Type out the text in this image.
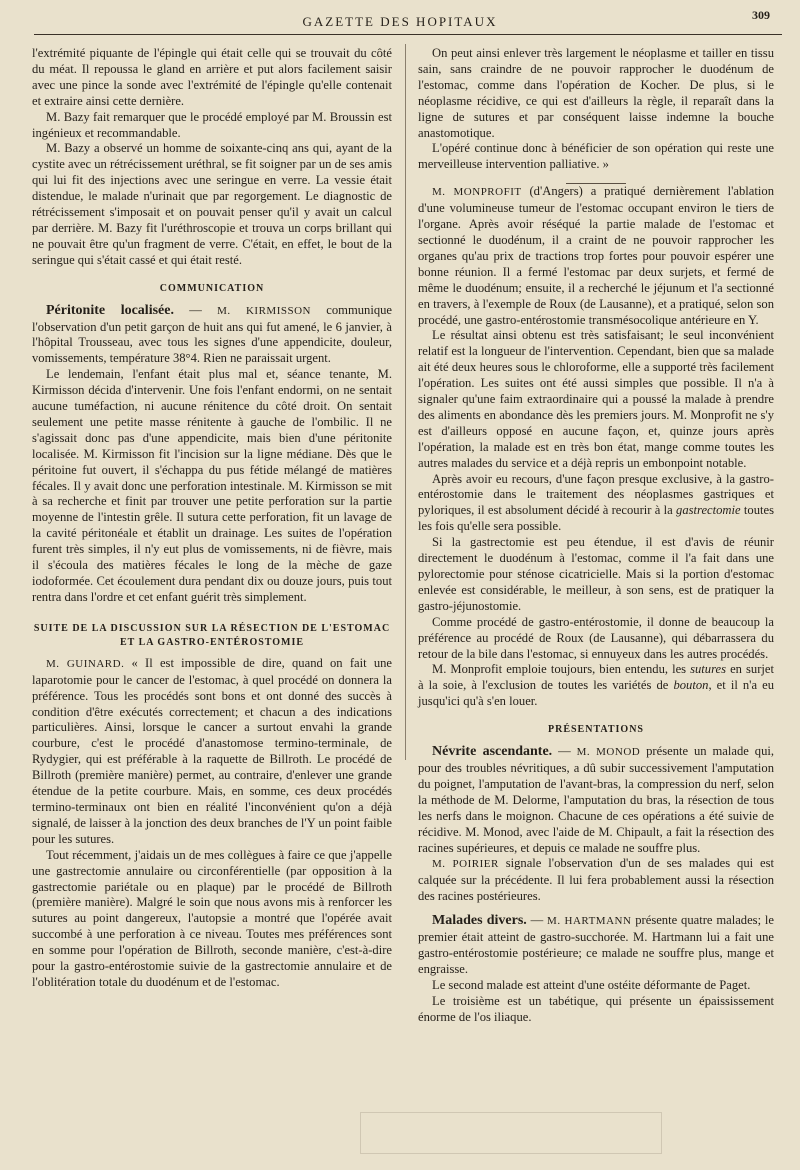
GAZETTE DES HOPITAUX	309

l'extrémité piquante de l'épingle qui était celle qui se trouvait du côté du méat. Il repoussa le gland en arrière et put alors facilement saisir avec une pince la sonde avec l'extrémité de l'épingle qu'elle contenait et extraire ainsi cette dernière.

M. Bazy fait remarquer que le procédé employé par M. Broussin est ingénieux et recommandable.

M. Bazy a observé un homme de soixante-cinq ans qui, ayant de la cystite avec un rétrécissement uréthral, se fit soigner par un de ses amis qui lui fit des injections avec une seringue en verre. La vessie était distendue, le malade n'urinait que par regorgement. Le diagnostic de rétrécissement s'imposait et on pouvait penser qu'il y avait un calcul par derrière. M. Bazy fit l'uréthroscopie et trouva un corps brillant qui ne pouvait être qu'un fragment de verre. C'était, en effet, le bout de la seringue qui s'était cassé et qui était resté.

COMMUNICATION

Péritonite localisée. — M. KIRMISSON communique l'observation d'un petit garçon de huit ans qui fut amené, le 6 janvier, à l'hôpital Trousseau, avec tous les signes d'une appendicite, douleur, vomissements, température 38°4. Rien ne paraissait urgent.

Le lendemain, l'enfant était plus mal et, séance tenante, M. Kirmisson décida d'intervenir. Une fois l'enfant endormi, on ne sentait aucune tuméfaction, ni aucune rénitence du côté droit. On sentait seulement une petite masse rénitente à gauche de l'ombilic. Il ne s'agissait donc pas d'une appendicite, mais bien d'une péritonite localisée. M. Kirmisson fit l'incision sur la ligne médiane. Dès que le péritoine fut ouvert, il s'échappa du pus fétide mélangé de matières fécales. Il y avait donc une perforation intestinale. M. Kirmisson se mit à sa recherche et finit par trouver une petite perforation sur la partie moyenne de l'intestin grêle. Il sutura cette perforation, fit un lavage de la cavité péritonéale et établit un drainage. Les suites de l'opération furent très simples, il n'y eut plus de vomissements, ni de fièvre, mais il s'écoula des matières fécales le long de la mèche de gaze iodoformée. Cet écoulement dura pendant dix ou douze jours, puis tout rentra dans l'ordre et cet enfant guérit très simplement.

SUITE DE LA DISCUSSION SUR LA RÉSECTION DE L'ESTOMAC
ET LA GASTRO-ENTÉROSTOMIE

M. GUINARD. « Il est impossible de dire, quand on fait une laparotomie pour le cancer de l'estomac, à quel procédé on donnera la préférence. Tous les procédés sont bons et ont donné des succès à condition d'être exécutés correctement; et chacun a des indications particulières. Ainsi, lorsque le cancer a surtout envahi la grande courbure, c'est le procédé d'anastomose termino-terminale, de Rydygier, qui est préférable à la raquette de Billroth. Le procédé de Billroth (première manière) permet, au contraire, d'enlever une grande étendue de la petite courbure. Mais, en somme, ces deux procédés termino-terminaux ont bien en réalité l'inconvénient qu'on a déjà signalé, de laisser à la jonction des deux branches de l'Y un point faible pour les sutures.

Tout récemment, j'aidais un de mes collègues à faire ce que j'appelle une gastrectomie annulaire ou circonférentielle (par opposition à la gastrectomie pariétale ou en plaque) par le procédé de Billroth (première manière). Malgré le soin que nous avons mis à renforcer les sutures au point dangereux, l'autopsie a montré que l'opérée avait succombé à une perforation à ce niveau. Toutes mes préférences sont en somme pour l'opération de Billroth, seconde manière, c'est-à-dire pour la gastro-entérostomie suivie de la gastrectomie annulaire et de l'oblitération totale du duodénum et de l'estomac.

On peut ainsi enlever très largement le néoplasme et tailler en tissu sain, sans craindre de ne pouvoir rapprocher le duodénum de l'estomac, comme dans l'opération de Kocher. De plus, si le néoplasme récidive, ce qui est d'ailleurs la règle, il reparaît dans la ligne de sutures et par conséquent laisse indemne la bouche anastomotique.

L'opéré continue donc à bénéficier de son opération qui reste une merveilleuse intervention palliative. »

M. MONPROFIT (d'Angers) a pratiqué dernièrement l'ablation d'une volumineuse tumeur de l'estomac occupant environ le tiers de l'organe. Après avoir réséqué la partie malade de l'estomac et sectionné le duodénum, il a craint de ne pouvoir rapprocher les organes qu'au prix de tractions trop fortes pour pouvoir espérer une bonne réunion. Il a fermé l'estomac par deux surjets, et fermé de même le duodénum; ensuite, il a recherché le jéjunum et l'a sectionné en travers, à l'exemple de Roux (de Lausanne), et a pratiqué, selon son procédé, une gastro-entérostomie transmésocolique antérieure en Y.

Le résultat ainsi obtenu est très satisfaisant; le seul inconvénient relatif est la longueur de l'intervention. Cependant, bien que sa malade ait été deux heures sous le chloroforme, elle a supporté très facilement l'opération. Les suites ont été aussi simples que possible. Il n'a à signaler qu'une faim extraordinaire qui a poussé la malade à prendre des aliments en abondance dès les premiers jours. M. Monprofit ne s'y est d'ailleurs opposé en aucune façon, et, quinze jours après l'opération, la malade est en très bon état, mange comme toutes les autres malades du service et a déjà repris un embonpoint notable.

Après avoir eu recours, d'une façon presque exclusive, à la gastro-entérostomie dans le traitement des néoplasmes gastriques et pyloriques, il est absolument décidé à recourir à la gastrectomie toutes les fois qu'elle sera possible.

Si la gastrectomie est peu étendue, il est d'avis de réunir directement le duodénum à l'estomac, comme il l'a fait dans une pylorectomie pour sténose cicatricielle. Mais si la portion d'estomac enlevée est considérable, le meilleur, à son sens, est de pratiquer la gastro-jéjunostomie.

Comme procédé de gastro-entérostomie, il donne de beaucoup la préférence au procédé de Roux (de Lausanne), qui débarrassera du retour de la bile dans l'estomac, si ennuyeux dans les autres procédés.

M. Monprofit emploie toujours, bien entendu, les sutures en surjet à la soie, à l'exclusion de toutes les variétés de bouton, et il n'a eu jusqu'ici qu'à s'en louer.

PRÉSENTATIONS

Névrite ascendante. — M. MONOD présente un malade qui, pour des troubles névritiques, a dû subir successivement l'amputation du poignet, l'amputation de l'avant-bras, la compression du nerf, selon la méthode de M. Delorme, l'amputation du bras, la résection de tous les nerfs dans le moignon. Chacune de ces opérations a été suivie de récidive. M. Monod, avec l'aide de M. Chipault, a fait la résection des racines supérieures, et depuis ce malade ne souffre plus.

M. POIRIER signale l'observation d'un de ses malades qui est calquée sur la précédente. Il lui fera probablement aussi la résection des racines postérieures.

Malades divers. — M. HARTMANN présente quatre malades; le premier était atteint de gastro-succhorée. M. Hartmann lui a fait une gastro-entérostomie postérieure; ce malade ne souffre plus, mange et engraisse.

Le second malade est atteint d'une ostéite déformante de Paget.

Le troisième est un tabétique, qui présente un épaississement énorme de l'os iliaque.
